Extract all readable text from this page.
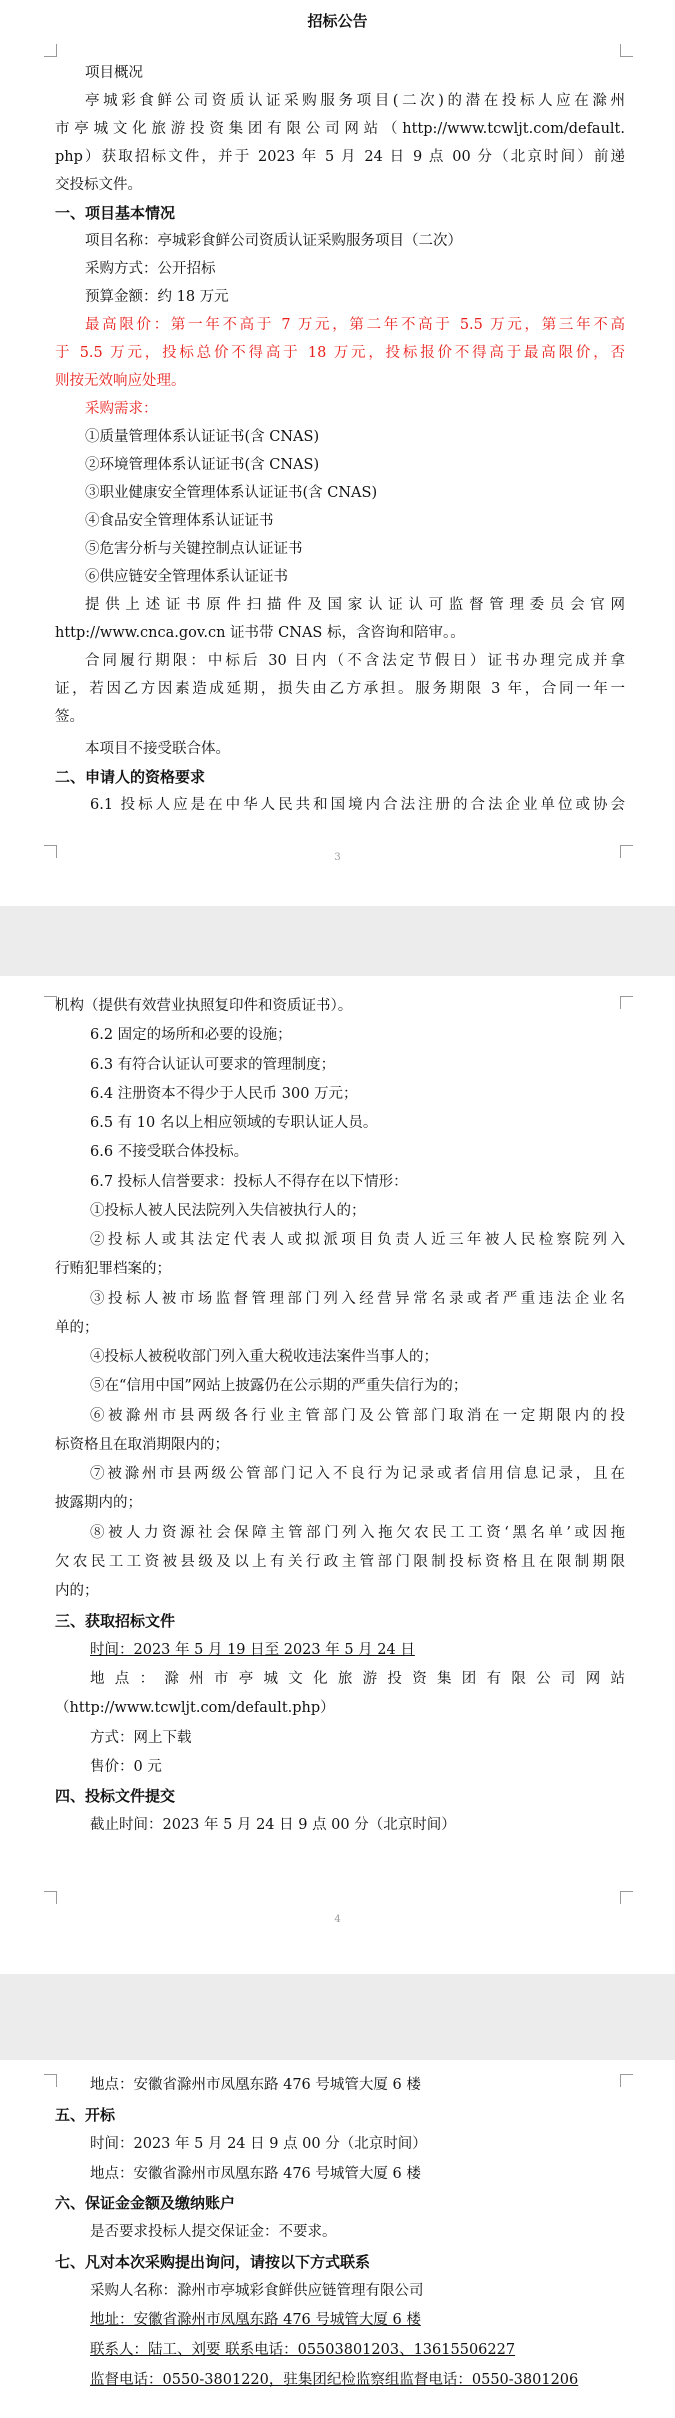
招标公告
项目概况
亭城彩食鲜公司资质认证采购服务项目(二次)的潜在投标人应在滁州
市亭城文化旅游投资集团有限公司网站（http://www.tcwljt.com/default.
php）获取招标文件，并于 2023 年 5 月 24 日 9 点 00 分（北京时间）前递
交投标文件。
一、项目基本情况
项目名称：亭城彩食鲜公司资质认证采购服务项目（二次）
采购方式：公开招标
预算金额：约 18 万元
最高限价：第一年不高于 7 万元，第二年不高于 5.5 万元，第三年不高
于 5.5 万元，投标总价不得高于 18 万元，投标报价不得高于最高限价，否
则按无效响应处理。
采购需求：
①质量管理体系认证证书(含 CNAS)
②环境管理体系认证证书(含 CNAS)
③职业健康安全管理体系认证证书(含 CNAS)
④食品安全管理体系认证证书
⑤危害分析与关键控制点认证证书
⑥供应链安全管理体系认证证书
提供上述证书原件扫描件及国家认证认可监督管理委员会官网
http://www.cnca.gov.cn 证书带 CNAS 标，含咨询和陪审。。
合同履行期限：中标后 30 日内（不含法定节假日）证书办理完成并拿
证，若因乙方因素造成延期，损失由乙方承担。服务期限 3 年，合同一年一
签。
本项目不接受联合体。
二、申请人的资格要求
6.1 投标人应是在中华人民共和国境内合法注册的合法企业单位或协会
3
机构（提供有效营业执照复印件和资质证书）。
6.2 固定的场所和必要的设施；
6.3 有符合认证认可要求的管理制度；
6.4 注册资本不得少于人民币 300 万元；
6.5 有 10 名以上相应领域的专职认证人员。
6.6 不接受联合体投标。
6.7 投标人信誉要求：投标人不得存在以下情形：
①投标人被人民法院列入失信被执行人的；
②投标人或其法定代表人或拟派项目负责人近三年被人民检察院列入
行贿犯罪档案的；
③投标人被市场监督管理部门列入经营异常名录或者严重违法企业名
单的；
④投标人被税收部门列入重大税收违法案件当事人的；
⑤在“信用中国”网站上披露仍在公示期的严重失信行为的；
⑥被滁州市县两级各行业主管部门及公管部门取消在一定期限内的投
标资格且在取消期限内的；
⑦被滁州市县两级公管部门记入不良行为记录或者信用信息记录，且在
披露期内的；
⑧被人力资源社会保障主管部门列入拖欠农民工工资‘黑名单’或因拖
欠农民工工资被县级及以上有关行政主管部门限制投标资格且在限制期限
内的；
三、获取招标文件
时间：2023 年 5 月 19 日至 2023 年 5 月 24 日
地点：滁州市亭城文化旅游投资集团有限公司网站
（http://www.tcwljt.com/default.php）
方式：网上下载
售价：0 元
四、投标文件提交
截止时间：2023 年 5 月 24 日 9 点 00 分（北京时间）
4
地点：安徽省滁州市凤凰东路 476 号城管大厦 6 楼
五、开标
时间：2023 年 5 月 24 日 9 点 00 分（北京时间）
地点：安徽省滁州市凤凰东路 476 号城管大厦 6 楼
六、保证金金额及缴纳账户
是否要求投标人提交保证金：不要求。
七、凡对本次采购提出询问，请按以下方式联系
采购人名称：滁州市亭城彩食鲜供应链管理有限公司
地址：安徽省滁州市凤凰东路 476 号城管大厦 6 楼
联系人：陆工、刘要 联系电话：05503801203、13615506227
监督电话：0550-3801220，驻集团纪检监察组监督电话：0550-3801206
